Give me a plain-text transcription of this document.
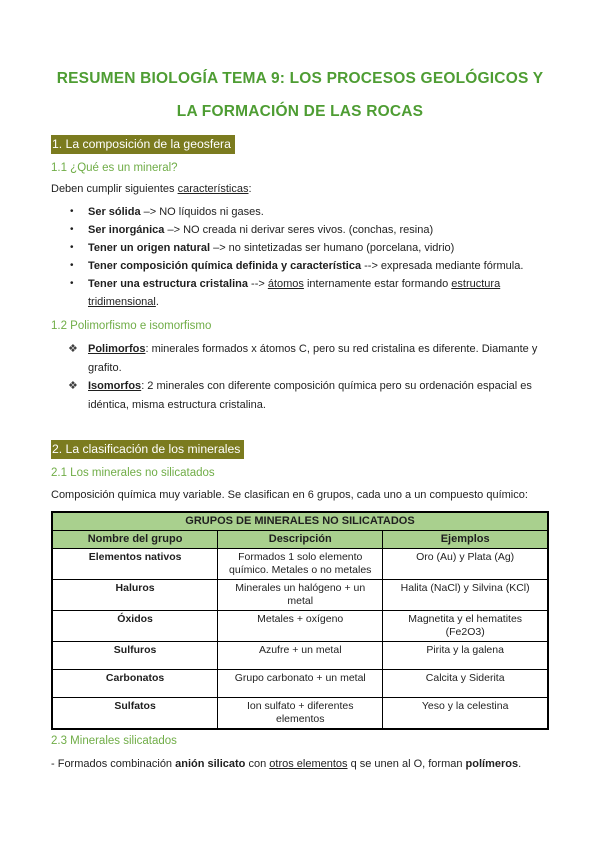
RESUMEN BIOLOGÍA TEMA 9: LOS PROCESOS GEOLÓGICOS Y
LA FORMACIÓN DE LAS ROCAS
1. La composición de la geosfera
1.1 ¿Qué es un mineral?

Deben cumplir siguientes características:

• Ser sólida –> NO líquidos ni gases.
• Ser inorgánica –> NO creada ni derivar seres vivos. (conchas, resina)
• Tener un origen natural –> no sintetizadas ser humano (porcelana, vidrio)
• Tener composición química definida y característica --> expresada mediante fórmula.
• Tener una estructura cristalina --> átomos internamente estar formando estructura tridimensional.
1.2 Polimorfismo e isomorfismo
❖ Polimorfos: minerales formados x átomos C, pero su red cristalina es diferente. Diamante y grafito.
❖ Isomorfos: 2 minerales con diferente composición química pero su ordenación espacial es idéntica, misma estructura cristalina.
2. La clasificación de los minerales
2.1 Los minerales no silicatados

Composición química muy variable. Se clasifican en 6 grupos, cada uno a un compuesto químico:

GRUPOS DE MINERALES NO SILICATADOS		
Nombre del grupo	Descripción	Ejemplos
Elementos nativos	Formados 1 solo elemento químico. Metales o no metales	Oro (Au) y Plata (Ag)
Haluros	Minerales un halógeno + un metal	Halita (NaCl) y Silvina (KCl)
Óxidos	Metales + oxígeno	Magnetita y el hematites (Fe2O3)
Sulfuros	Azufre + un metal	Pirita y la galena
Carbonatos	Grupo carbonato + un metal	Calcita y Siderita
Sulfatos	Ion sulfato + diferentes elementos	Yeso y la celestina
2.3 Minerales silicatados

- Formados combinación anión silicato con otros elementos q se unen al O, forman polímeros.
